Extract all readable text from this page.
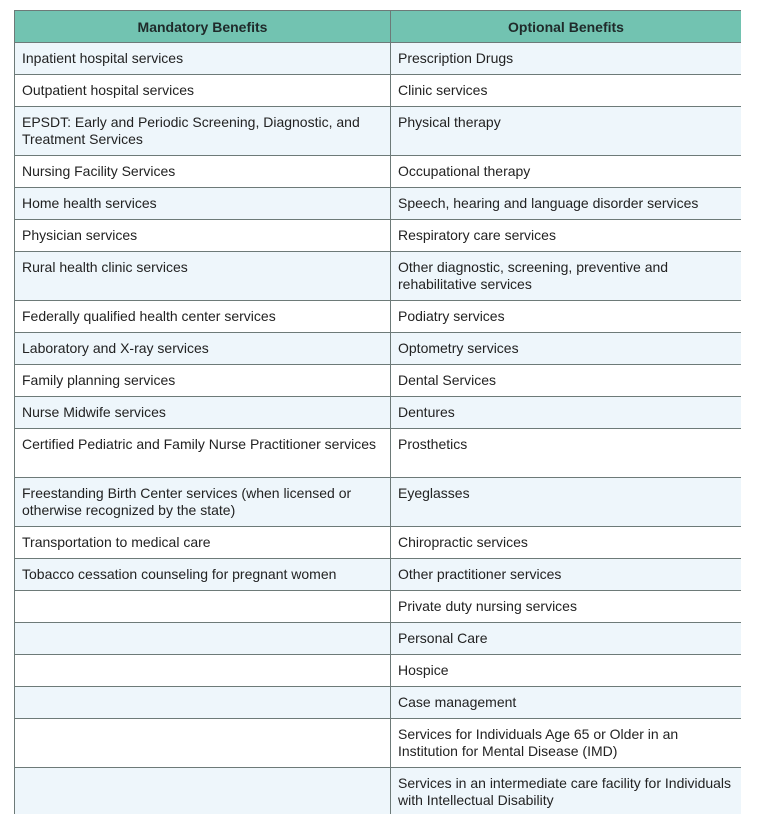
Mandatory Benefits	Optional Benefits
Inpatient hospital services	Prescription Drugs
Outpatient hospital services	Clinic services
EPSDT: Early and Periodic Screening, Diagnostic, and Treatment Services	Physical therapy
Nursing Facility Services	Occupational therapy
Home health services	Speech, hearing and language disorder services
Physician services	Respiratory care services
Rural health clinic services	Other diagnostic, screening, preventive and rehabilitative services
Federally qualified health center services	Podiatry services
Laboratory and X-ray services	Optometry services
Family planning services	Dental Services
Nurse Midwife services	Dentures
Certified Pediatric and Family Nurse Practitioner services	Prosthetics
Freestanding Birth Center services (when licensed or otherwise recognized by the state)	Eyeglasses
Transportation to medical care	Chiropractic services
Tobacco cessation counseling for pregnant women	Other practitioner services
	Private duty nursing services
	Personal Care
	Hospice
	Case management
	Services for Individuals Age 65 or Older in an Institution for Mental Disease (IMD)
	Services in an intermediate care facility for Individuals with Intellectual Disability
